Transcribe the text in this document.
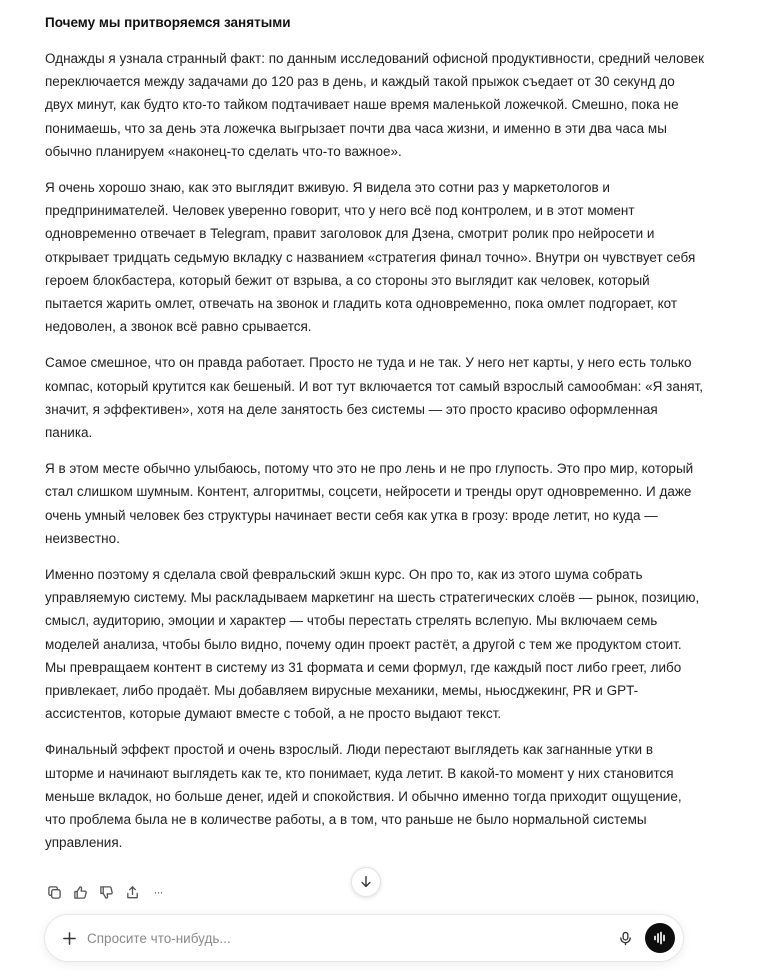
Почему мы притворяемся занятыми

Однажды я узнала странный факт: по данным исследований офисной продуктивности, средний человек переключается между задачами до 120 раз в день, и каждый такой прыжок съедает от 30 секунд до двух минут, как будто кто-то тайком подтачивает наше время маленькой ложечкой. Смешно, пока не понимаешь, что за день эта ложечка выгрызает почти два часа жизни, и именно в эти два часа мы обычно планируем «наконец-то сделать что-то важное».

Я очень хорошо знаю, как это выглядит вживую. Я видела это сотни раз у маркетологов и предпринимателей. Человек уверенно говорит, что у него всё под контролем, и в этот момент одновременно отвечает в Telegram, правит заголовок для Дзена, смотрит ролик про нейросети и открывает тридцать седьмую вкладку с названием «стратегия финал точно». Внутри он чувствует себя героем блокбастера, который бежит от взрыва, а со стороны это выглядит как человек, который пытается жарить омлет, отвечать на звонок и гладить кота одновременно, пока омлет подгорает, кот недоволен, а звонок всё равно срывается.

Самое смешное, что он правда работает. Просто не туда и не так. У него нет карты, у него есть только компас, который крутится как бешеный. И вот тут включается тот самый взрослый самообман: «Я занят, значит, я эффективен», хотя на деле занятость без системы — это просто красиво оформленная паника.

Я в этом месте обычно улыбаюсь, потому что это не про лень и не про глупость. Это про мир, который стал слишком шумным. Контент, алгоритмы, соцсети, нейросети и тренды орут одновременно. И даже очень умный человек без структуры начинает вести себя как утка в грозу: вроде летит, но куда — неизвестно.

Именно поэтому я сделала свой февральский экшн курс. Он про то, как из этого шума собрать управляемую систему. Мы раскладываем маркетинг на шесть стратегических слоёв — рынок, позицию, смысл, аудиторию, эмоции и характер — чтобы перестать стрелять вслепую. Мы включаем семь моделей анализа, чтобы было видно, почему один проект растёт, а другой с тем же продуктом стоит. Мы превращаем контент в систему из 31 формата и семи формул, где каждый пост либо греет, либо привлекает, либо продаёт. Мы добавляем вирусные механики, мемы, ньюсджекинг, PR и GPT-ассистентов, которые думают вместе с тобой, а не просто выдают текст.

Финальный эффект простой и очень взрослый. Люди перестают выглядеть как загнанные утки в шторме и начинают выглядеть как те, кто понимает, куда летит. В какой-то момент у них становится меньше вкладок, но больше денег, идей и спокойствия. И обычно именно тогда приходит ощущение, что проблема была не в количестве работы, а в том, что раньше не было нормальной системы управления.

···
Спросите что-нибудь...
